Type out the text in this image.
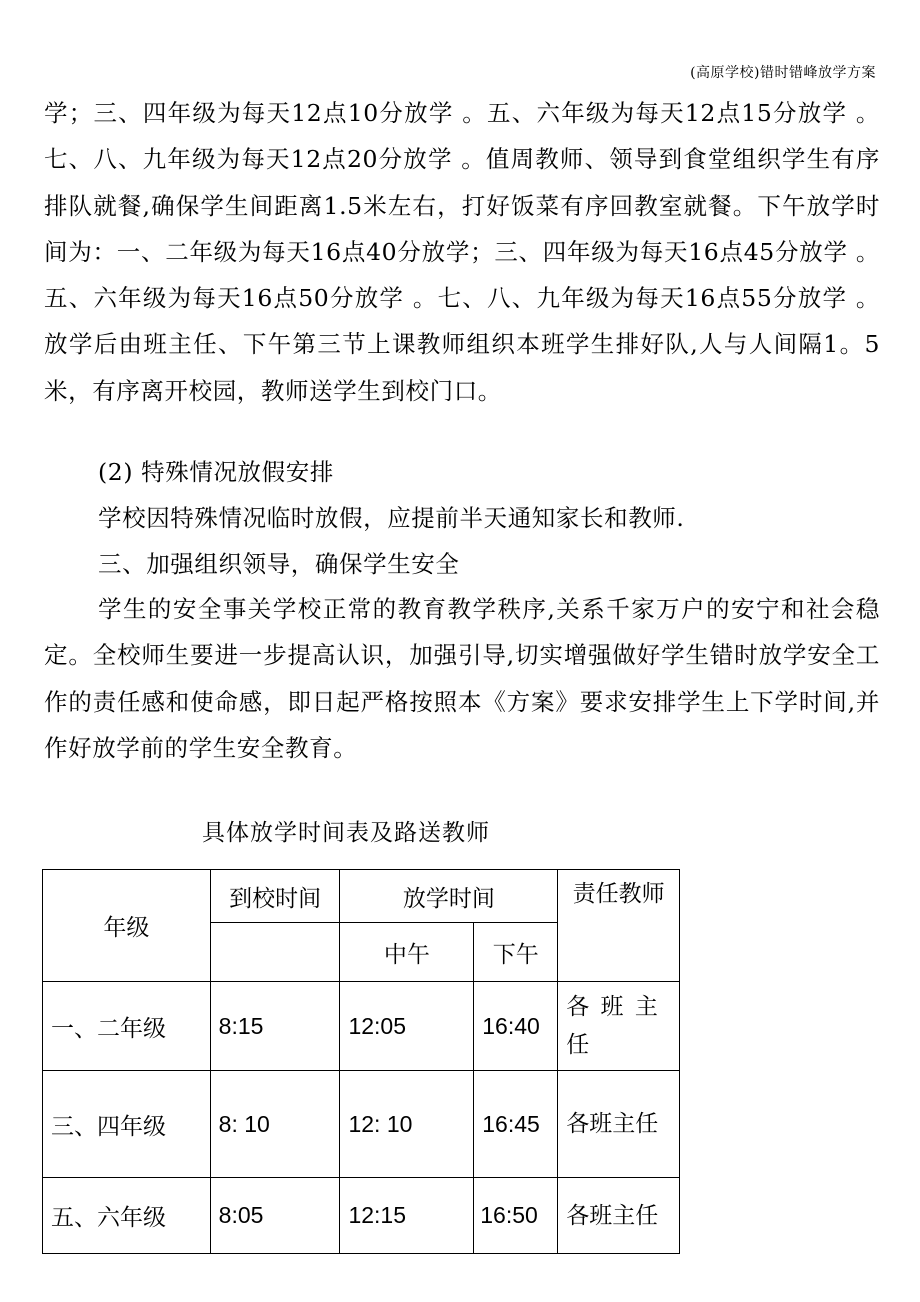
(高原学校)错时错峰放学方案

学；三、四年级为每天12点10分放学 。五、六年级为每天12点15分放学 。七、八、九年级为每天12点20分放学 。值周教师、领导到食堂组织学生有序排队就餐,确保学生间距离1.5米左右，打好饭菜有序回教室就餐。下午放学时间为：一、二年级为每天16点40分放学；三、四年级为每天16点45分放学 。五、六年级为每天16点50分放学 。七、八、九年级为每天16点55分放学 。放学后由班主任、下午第三节上课教师组织本班学生排好队,人与人间隔1。5米，有序离开校园，教师送学生到校门口。

(2) 特殊情况放假安排
学校因特殊情况临时放假，应提前半天通知家长和教师.
三、加强组织领导，确保学生安全

学生的安全事关学校正常的教育教学秩序,关系千家万户的安宁和社会稳定。全校师生要进一步提高认识，加强引导,切实增强做好学生错时放学安全工作的责任感和使命感，即日起严格按照本《方案》要求安排学生上下学时间,并作好放学前的学生安全教育。

具体放学时间表及路送教师
年级	到校时间	放学时间		责任教师
		中午	下午	
一、二年级	8:15	12:05	16:40	各 班 主 任
三、四年级	8: 10	12: 10	16:45	各班主任
五、六年级	8:05	12:15	16:50	各班主任
